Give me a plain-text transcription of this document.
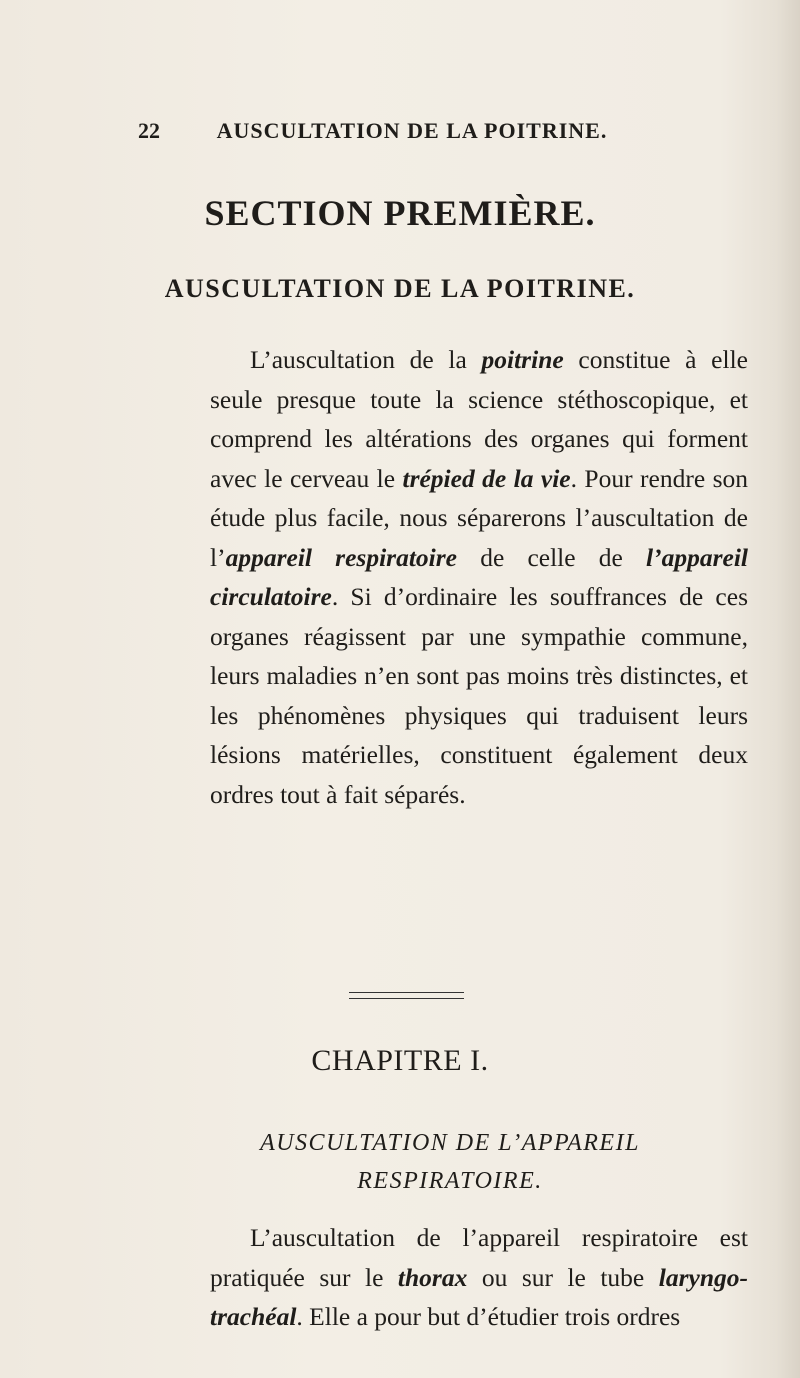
22	AUSCULTATION DE LA POITRINE.
SECTION PREMIÈRE.
AUSCULTATION DE LA POITRINE.

L’auscultation de la poitrine constitue à elle seule presque toute la science stéthoscopique, et comprend les altérations des organes qui forment avec le cerveau le trépied de la vie. Pour rendre son étude plus facile, nous séparerons l’auscultation de l’appareil respiratoire de celle de l’appareil circulatoire. Si d’ordinaire les souffrances de ces organes réagissent par une sympathie commune, leurs maladies n’en sont pas moins très distinctes, et les phénomènes physiques qui traduisent leurs lésions matérielles, constituent également deux ordres tout à fait séparés.

CHAPITRE I.
AUSCULTATION DE L’APPAREIL RESPIRATOIRE.

L’auscultation de l’appareil respiratoire est pratiquée sur le thorax ou sur le tube laryngo-trachéal. Elle a pour but d’étudier trois ordres
